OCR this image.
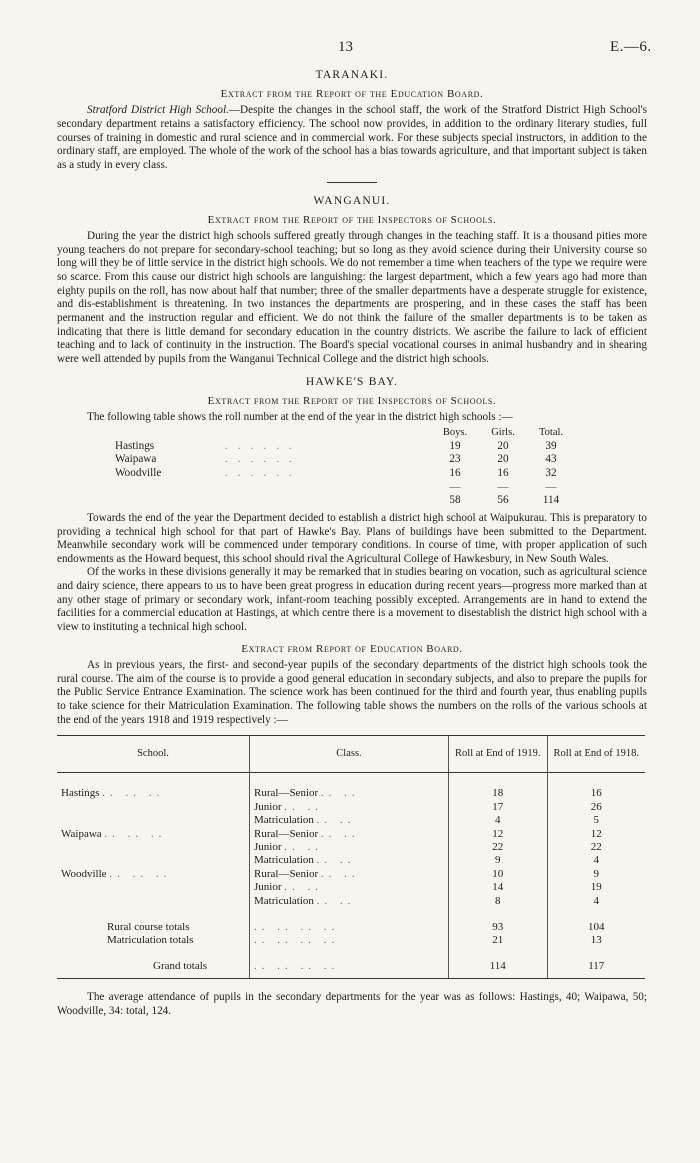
13	E.—6.
TARANAKI.
Extract from the Report of the Education Board.

Stratford District High School.—Despite the changes in the school staff, the work of the Stratford District High School's secondary department retains a satisfactory efficiency. The school now provides, in addition to the ordinary literary studies, full courses of training in domestic and rural science and in commercial work. For these subjects special instructors, in addition to the ordinary staff, are employed. The whole of the work of the school has a bias towards agriculture, and that important subject is taken as a study in every class.

WANGANUI.
Extract from the Report of the Inspectors of Schools.

During the year the district high schools suffered greatly through changes in the teaching staff. It is a thousand pities more young teachers do not prepare for secondary-school teaching; but so long as they avoid science during their University course so long will they be of little service in the district high schools. We do not remember a time when teachers of the type we require were so scarce. From this cause our district high schools are languishing: the largest department, which a few years ago had more than eighty pupils on the roll, has now about half that number; three of the smaller departments have a desperate struggle for existence, and dis-establishment is threatening. In two instances the departments are prospering, and in these cases the staff has been permanent and the instruction regular and efficient. We do not think the failure of the smaller departments is to be taken as indicating that there is little demand for secondary education in the country districts. We ascribe the failure to lack of efficient teaching and to lack of continuity in the instruction. The Board's special vocational courses in animal husbandry and in shearing were well attended by pupils from the Wanganui Technical College and the district high schools.

HAWKE'S BAY.
Extract from the Report of the Inspectors of Schools.

The following table shows the roll number at the end of the year in the district high schools :—

Boys.	Girls.	Total.
Hastings	......	19	20	39
Waipawa	......	23	20	43
Woodville	......	16	16	32
—	—	—
58	56	114

Towards the end of the year the Department decided to establish a district high school at Waipukurau. This is preparatory to providing a technical high school for that part of Hawke's Bay. Plans of buildings have been submitted to the Department. Meanwhile secondary work will be commenced under temporary conditions. In course of time, with proper application of such endowments as the Howard bequest, this school should rival the Agricultural College of Hawkesbury, in New South Wales.

Of the works in these divisions generally it may be remarked that in studies bearing on vocation, such as agricultural science and dairy science, there appears to us to have been great progress in education during recent years—progress more marked than at any other stage of primary or secondary work, infant-room teaching possibly excepted. Arrangements are in hand to extend the facilities for a commercial education at Hastings, at which centre there is a movement to disestablish the district high school with a view to instituting a technical high school.

Extract from Report of Education Board.

As in previous years, the first- and second-year pupils of the secondary departments of the district high schools took the rural course. The aim of the course is to provide a good general education in secondary subjects, and also to prepare the pupils for the Public Service Entrance Examination. The science work has been continued for the third and fourth year, thus enabling pupils to take science for their Matriculation Examination. The following table shows the numbers on the rolls of the various schools at the end of the years 1918 and 1919 respectively :—

School.	Class.	Roll at End of 1919.	Roll at End of 1918.

Hastings .. .. ..	Rural—Senior .. ..	18	16
	Junior .. ..	17	26
	Matriculation .. ..	4	5
Waipawa .. .. ..	Rural—Senior .. ..	12	12
	Junior .. ..	22	22
	Matriculation .. ..	9	4
Woodville .. .. ..	Rural—Senior .. ..	10	9
	Junior .. ..	14	19
	Matriculation .. ..	8	4

Rural course totals	.. .. .. ..	93	104
Matriculation totals	.. .. .. ..	21	13

Grand totals	.. .. .. ..	114	117

The average attendance of pupils in the secondary departments for the year was as follows: Hastings, 40; Waipawa, 50; Woodville, 34: total, 124.
